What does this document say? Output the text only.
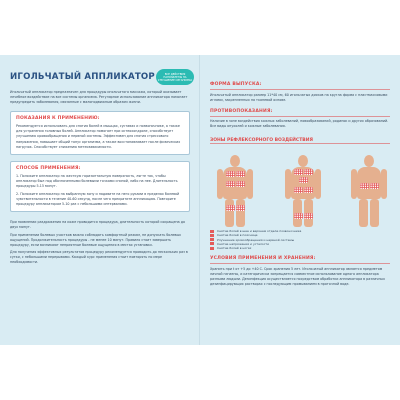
ИГОЛЬЧАТЫЙ АППЛИКАТОР	ВСЕ ДЕЙСТВИЯ НАПРАВЛЕНЫ НА УЛУЧШЕНИЕ ОРГАНИЗМА
Игольчатый аппликатор предназначен для процедуры игольчатого массажа, который оказывает лечебное воздействие на все системы организма. Регулярное использование аппликатора помогает предупредить заболевания, связанные с малоподвижным образом жизни.
ПОКАЗАНИЯ К ПРИМЕНЕНИЮ:
Рекомендуется использовать для снятия болей в мышцах, суставах и позвоночнике, а также для устранения головных болей. Аппликатор помогает при остеохондрозе, способствует улучшению кровообращения и нервной системы. Эффективен для снятия стрессового напряжения, повышает общий тонус организма, а также восстанавливает после физических нагрузок. Способствует снижению метеозависимости.
СПОСОБ ПРИМЕНЕНИЯ:
1. Положите аппликатор на жесткую горизонтальную поверхность, лягте так, чтобы аппликатор был под обозначенными болевыми точками спиной, либо на нее. Длительность процедуры 5-15 минут.
2. Положите аппликатор на выбранную зону и надавите на него руками в пределах болевой чувствительности в течение 40-60 секунд, после чего прекратите аппликацию. Повторите процедуру аппликатором 5-10 раз с небольшими интервалами.
При появлении раздражения на коже проводится процедура, длительность которой сокращена до двух минут.
При применении болевых участков важно соблюдать комфортный режим, не допускать болевых ощущений. Продолжительность процедуры - не менее 10 минут. Правило стоит завершать процедуру, если возникают неприятные болевые ощущения в местах установки.
Для получения эффективных результатов процедуру рекомендуется проводить до нескольких раз в сутки, с небольшими перерывами. Каждый курс применения стоит повторять по мере необходимости.
ФОРМА ВЫПУСКА:
Игольчатый аппликатор размер 11*40 см, 60 игольчатых дисков на кругла форма с пластмассовыми иглами, закрепленных на тканевой основе.
ПРОТИВОПОКАЗАНИЯ:
Наличие в зоне воздействия кожных заболеваний, новообразований, родинок и других образований. Все виды опухолей и кожные заболевания.
ЗОНЫ РЕФЛЕКСОРНОГО ВОЗДЕЙСТВИЯ
Снятие болей в шее и верхнем отделе позвоночника
Снятие болей в пояснице
Улучшение кровообращения и нервной системы
Снятие напряжения и усталости
Снятие болей в ногах
УСЛОВИЯ ПРИМЕНЕНИЯ И ХРАНЕНИЯ:
Хранить при t от +5 до +40 С. Срок хранения 5 лет. Игольчатый аппликатор является предметом личной гигиены, и категорически запрещается совместное использование одного аппликатора разными людьми. Дезинфекция осуществляется посредством обработки аппликатора в различных дезинфицирующих растворах с последующим промыванием в проточной воде.
